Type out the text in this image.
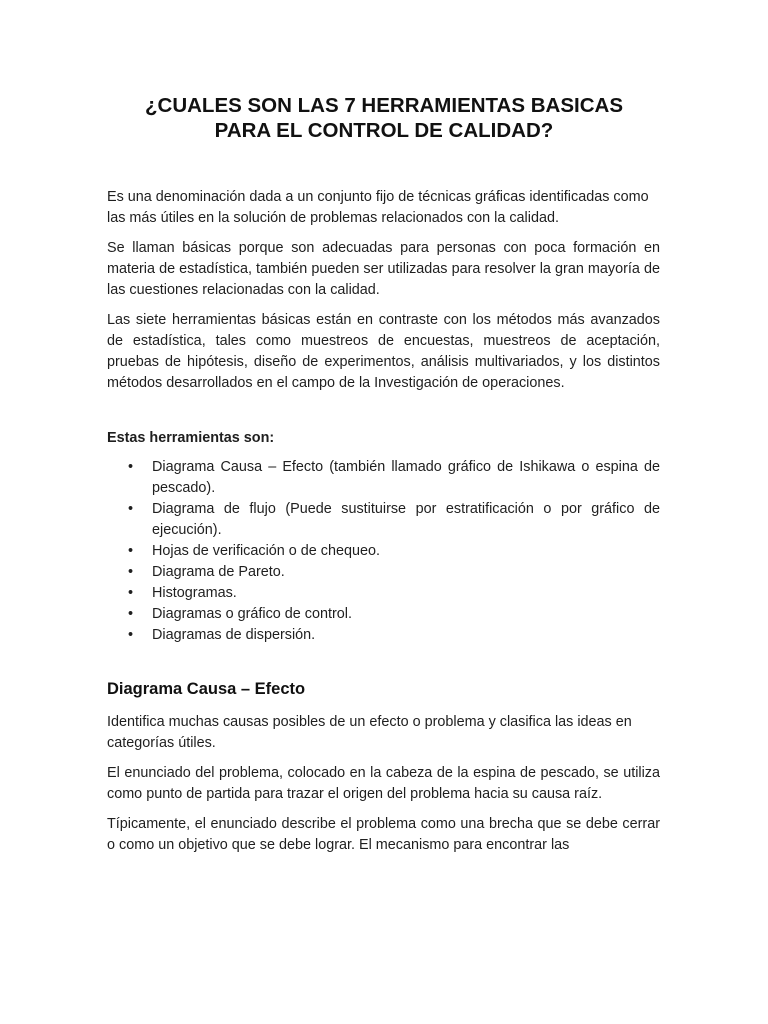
¿CUALES SON LAS 7 HERRAMIENTAS BASICAS
PARA EL CONTROL DE CALIDAD?

Es una denominación dada a un conjunto fijo de técnicas gráficas identificadas como las más útiles en la solución de problemas relacionados con la calidad.

Se llaman básicas porque son adecuadas para personas con poca formación en materia de estadística, también pueden ser utilizadas para resolver la gran mayoría de las cuestiones relacionadas con la calidad.

Las siete herramientas básicas están en contraste con los métodos más avanzados de estadística, tales como muestreos de encuestas, muestreos de aceptación, pruebas de hipótesis, diseño de experimentos, análisis multivariados, y los distintos métodos desarrollados en el campo de la Investigación de operaciones.

Estas herramientas son:
• Diagrama Causa – Efecto (también llamado gráfico de Ishikawa o espina de pescado).
• Diagrama de flujo (Puede sustituirse por estratificación o por gráfico de ejecución).
• Hojas de verificación o de chequeo.
• Diagrama de Pareto.
• Histogramas.
• Diagramas o gráfico de control.
• Diagramas de dispersión.
Diagrama Causa – Efecto

Identifica muchas causas posibles de un efecto o problema y clasifica las ideas en categorías útiles.

El enunciado del problema, colocado en la cabeza de la espina de pescado, se utiliza como punto de partida para trazar el origen del problema hacia su causa raíz.

Típicamente, el enunciado describe el problema como una brecha que se debe cerrar o como un objetivo que se debe lograr. El mecanismo para encontrar las
